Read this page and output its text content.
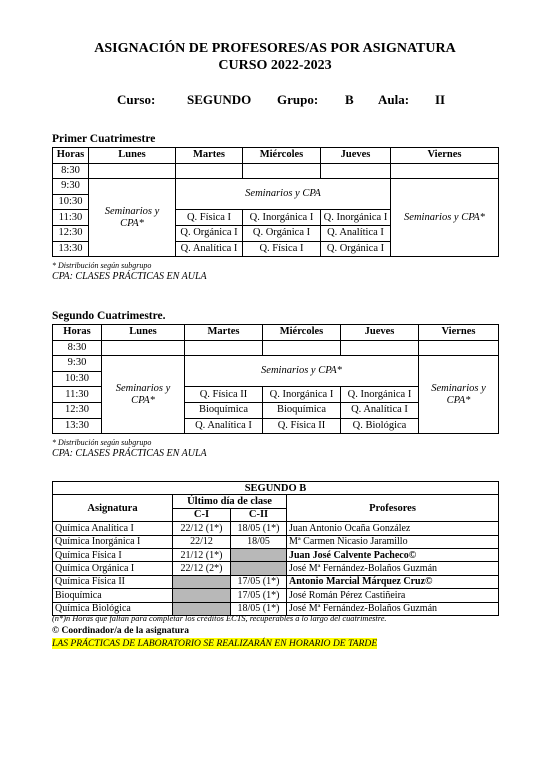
ASIGNACIÓN DE PROFESORES/AS POR ASIGNATURA
CURSO 2022-2023
Curso: SEGUNDO Grupo: B Aula: II
Primer Cuatrimestre
Horas	Lunes	Martes	Miércoles	Jueves	Viernes
8:30					
9:30	Seminarios y CPA*	Seminarios y CPA			Seminarios y CPA*
10:30					
11:30		Q. Física I	Q. Inorgánica I	Q. Inorgánica I	
12:30		Q. Orgánica I	Q. Orgánica I	Q. Analítica I	
13:30		Q. Analítica I	Q. Física I	Q. Orgánica I	
* Distribución según subgrupo
CPA: CLASES PRÁCTICAS EN AULA
Segundo Cuatrimestre.
Horas	Lunes	Martes	Miércoles	Jueves	Viernes
8:30					
9:30	Seminarios y CPA*	Seminarios y CPA*			Seminarios y CPA*
10:30					
11:30		Q. Física II	Q. Inorgánica I	Q. Inorgánica I	
12:30		Bioquímica	Bioquímica	Q. Analítica I	
13:30		Q. Analítica I	Q. Física II	Q. Biológica	
* Distribución según subgrupo
CPA: CLASES PRÁCTICAS EN AULA
SEGUNDO B			
Asignatura	Último día de clase		Profesores
	C-I	C-II	
Química Analítica I	22/12 (1*)	18/05 (1*)	Juan Antonio Ocaña González
Química Inorgánica I	22/12	18/05	Mª Carmen Nicasio Jaramillo
Química Física I	21/12 (1*)		Juan José Calvente Pacheco©
Química Orgánica I	22/12 (2*)		José Mª Fernández-Bolaños Guzmán
Química Física II		17/05 (1*)	Antonio Marcial Márquez Cruz©
Bioquímica		17/05 (1*)	José Román Pérez Castiñeira
Química Biológica		18/05 (1*)	José Mª Fernández-Bolaños Guzmán
(n*)n Horas que faltan para completar los créditos ECTS, recuperables a lo largo del cuatrimestre.
© Coordinador/a de la asignatura
LAS PRÁCTICAS DE LABORATORIO SE REALIZARÁN EN HORARIO DE TARDE
